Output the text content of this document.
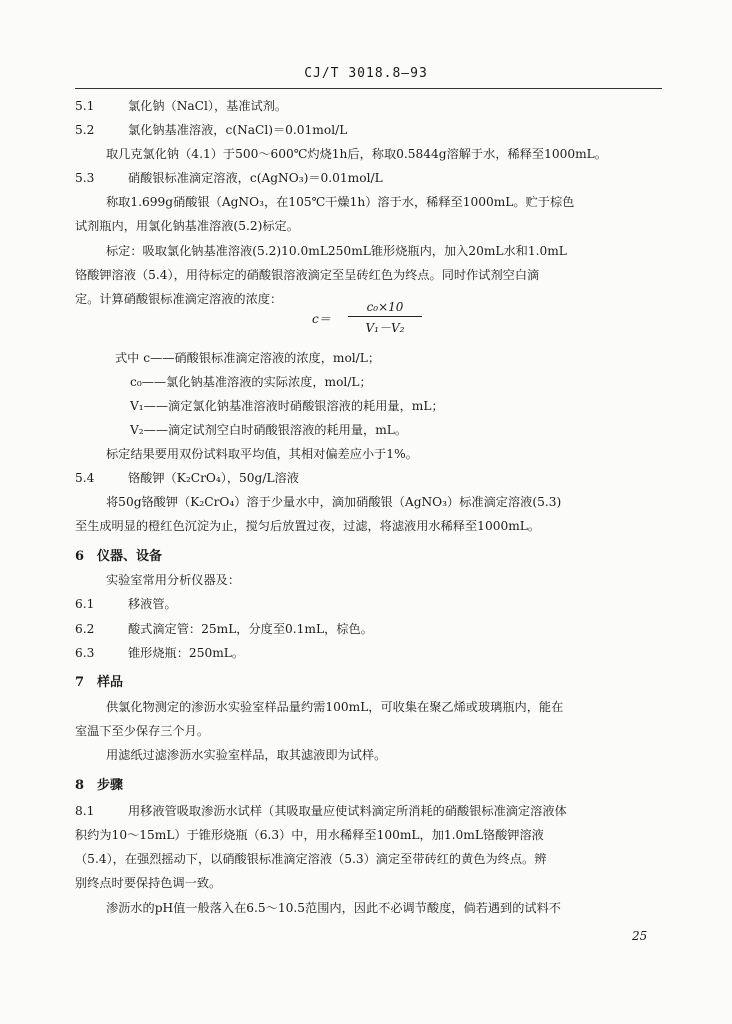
CJ/T 3018.8—93
5.1	氯化钠（NaCl），基准试剂。
5.2	氯化钠基准溶液，c(NaCl)＝0.01mol/L
取几克氯化钠（4.1）于500～600℃灼烧1h后，称取0.5844g溶解于水，稀释至1000mL。
5.3	硝酸银标准滴定溶液，c(AgNO₃)＝0.01mol/L
称取1.699g硝酸银（AgNO₃，在105℃干燥1h）溶于水，稀释至1000mL。贮于棕色
试剂瓶内，用氯化钠基准溶液(5.2)标定。
标定：吸取氯化钠基准溶液(5.2)10.0mL250mL锥形烧瓶内，加入20mL水和1.0mL
铬酸钾溶液（5.4），用待标定的硝酸银溶液滴定至呈砖红色为终点。同时作试剂空白滴
定。计算硝酸银标准滴定溶液的浓度：
式中 c——硝酸银标准滴定溶液的浓度，mol/L；
c₀——氯化钠基准溶液的实际浓度，mol/L；
V₁——滴定氯化钠基准溶液时硝酸银溶液的耗用量，mL；
V₂——滴定试剂空白时硝酸银溶液的耗用量，mL。
标定结果要用双份试料取平均值，其相对偏差应小于1%。
5.4	铬酸钾（K₂CrO₄），50g/L溶液
将50g铬酸钾（K₂CrO₄）溶于少量水中，滴加硝酸银（AgNO₃）标准滴定溶液(5.3)
至生成明显的橙红色沉淀为止，搅匀后放置过夜，过滤，将滤液用水稀释至1000mL。
6 仪器、设备
实验室常用分析仪器及：
6.1	移液管。
6.2	酸式滴定管：25mL，分度至0.1mL，棕色。
6.3	锥形烧瓶：250mL。
7 样品
供氯化物测定的渗沥水实验室样品量约需100mL，可收集在聚乙烯或玻璃瓶内，能在
室温下至少保存三个月。
用滤纸过滤渗沥水实验室样品，取其滤液即为试样。
8 步骤
8.1	用移液管吸取渗沥水试样（其吸取量应使试料滴定所消耗的硝酸银标准滴定溶液体
积约为10～15mL）于锥形烧瓶（6.3）中，用水稀释至100mL，加1.0mL铬酸钾溶液
（5.4），在强烈摇动下，以硝酸银标准滴定溶液（5.3）滴定至带砖红的黄色为终点。辨
别终点时要保持色调一致。
渗沥水的pH值一般落入在6.5～10.5范围内，因此不必调节酸度，倘若遇到的试料不
c＝
c₀×10
V₁－V₂
25
